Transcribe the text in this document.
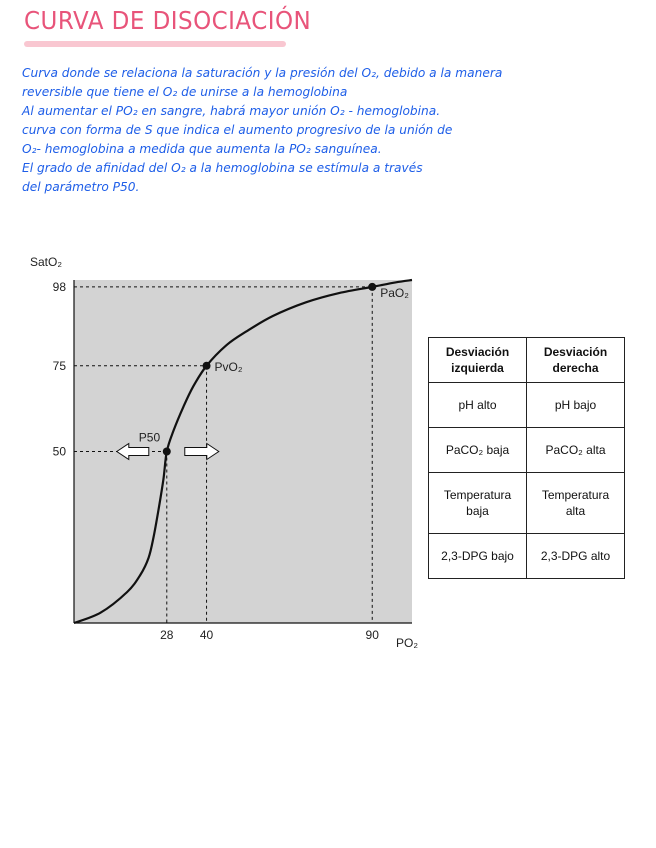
CURVA DE DISOCIACIÓN
Curva donde se relaciona la saturación y la presión del O₂, debido a la manera
reversible que tiene el O₂ de unirse a la hemoglobina
Al aumentar el PO₂ en sangre, habrá mayor unión O₂ - hemoglobina.
curva con forma de S que indica el aumento progresivo de la unión de
O₂- hemoglobina a medida que aumenta la PO₂ sanguínea.
El grado de afinidad del O₂ a la hemoglobina se estímula a través
del parámetro P50.
50
75
98
28 40	90
P50
PvO₂
PaO₂
SatO₂
PO₂
Desviación
izquierda	Desviación
derecha
pH alto	pH bajo
PaCO₂ baja	PaCO₂ alta
Temperatura
baja	Temperatura
alta
2,3-DPG bajo	2,3-DPG alto
